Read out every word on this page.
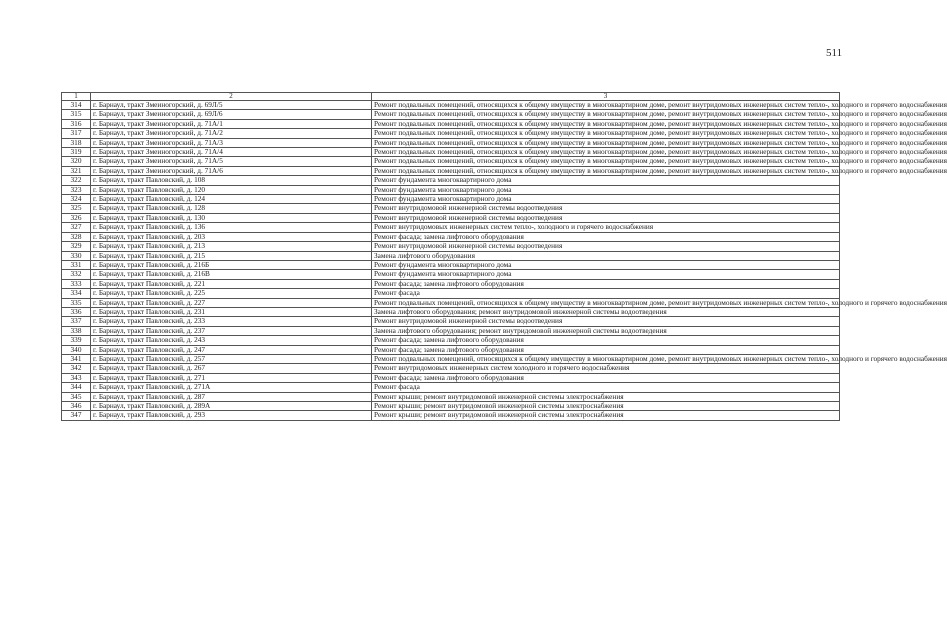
511
1	2	3
314	г. Барнаул, тракт Змеиногорский, д. 69Л/5	Ремонт подвальных помещений, относящихся к общему имуществу в многоквартирном доме, ремонт внутридомовых инженерных систем тепло-, холодного и горячего водоснабжения
315	г. Барнаул, тракт Змеиногорский, д. 69Л/6	Ремонт подвальных помещений, относящихся к общему имуществу в многоквартирном доме, ремонт внутридомовых инженерных систем тепло-, холодного и горячего водоснабжения
316	г. Барнаул, тракт Змеиногорский, д. 71А/1	Ремонт подвальных помещений, относящихся к общему имуществу в многоквартирном доме, ремонт внутридомовых инженерных систем тепло-, холодного и горячего водоснабжения
317	г. Барнаул, тракт Змеиногорский, д. 71А/2	Ремонт подвальных помещений, относящихся к общему имуществу в многоквартирном доме, ремонт внутридомовых инженерных систем тепло-, холодного и горячего водоснабжения
318	г. Барнаул, тракт Змеиногорский, д. 71А/3	Ремонт подвальных помещений, относящихся к общему имуществу в многоквартирном доме, ремонт внутридомовых инженерных систем тепло-, холодного и горячего водоснабжения
319	г. Барнаул, тракт Змеиногорский, д. 71А/4	Ремонт подвальных помещений, относящихся к общему имуществу в многоквартирном доме, ремонт внутридомовых инженерных систем тепло-, холодного и горячего водоснабжения
320	г. Барнаул, тракт Змеиногорский, д. 71А/5	Ремонт подвальных помещений, относящихся к общему имуществу в многоквартирном доме, ремонт внутридомовых инженерных систем тепло-, холодного и горячего водоснабжения
321	г. Барнаул, тракт Змеиногорский, д. 71А/6	Ремонт подвальных помещений, относящихся к общему имуществу в многоквартирном доме, ремонт внутридомовых инженерных систем тепло-, холодного и горячего водоснабжения
322	г. Барнаул, тракт Павловский, д. 108	Ремонт фундамента многоквартирного дома
323	г. Барнаул, тракт Павловский, д. 120	Ремонт фундамента многоквартирного дома
324	г. Барнаул, тракт Павловский, д. 124	Ремонт фундамента многоквартирного дома
325	г. Барнаул, тракт Павловский, д. 128	Ремонт внутридомовой инженерной системы водоотведения
326	г. Барнаул, тракт Павловский, д. 130	Ремонт внутридомовой инженерной системы водоотведения
327	г. Барнаул, тракт Павловский, д. 136	Ремонт внутридомовых инженерных систем тепло-, холодного и горячего водоснабжения
328	г. Барнаул, тракт Павловский, д. 203	Ремонт фасада; замена лифтового оборудования
329	г. Барнаул, тракт Павловский, д. 213	Ремонт внутридомовой инженерной системы водоотведения
330	г. Барнаул, тракт Павловский, д. 215	Замена лифтового оборудования
331	г. Барнаул, тракт Павловский, д. 216Б	Ремонт фундамента многоквартирного дома
332	г. Барнаул, тракт Павловский, д. 216В	Ремонт фундамента многоквартирного дома
333	г. Барнаул, тракт Павловский, д. 221	Ремонт фасада; замена лифтового оборудования
334	г. Барнаул, тракт Павловский, д. 225	Ремонт фасада
335	г. Барнаул, тракт Павловский, д. 227	Ремонт подвальных помещений, относящихся к общему имуществу в многоквартирном доме, ремонт внутридомовых инженерных систем тепло-, холодного и горячего водоснабжения
336	г. Барнаул, тракт Павловский, д. 231	Замена лифтового оборудования; ремонт внутридомовой инженерной системы водоотведения
337	г. Барнаул, тракт Павловский, д. 233	Ремонт внутридомовой инженерной системы водоотведения
338	г. Барнаул, тракт Павловский, д. 237	Замена лифтового оборудования; ремонт внутридомовой инженерной системы водоотведения
339	г. Барнаул, тракт Павловский, д. 243	Ремонт фасада; замена лифтового оборудования
340	г. Барнаул, тракт Павловский, д. 247	Ремонт фасада; замена лифтового оборудования
341	г. Барнаул, тракт Павловский, д. 257	Ремонт подвальных помещений, относящихся к общему имуществу в многоквартирном доме, ремонт внутридомовых инженерных систем тепло-, холодного и горячего водоснабжения
342	г. Барнаул, тракт Павловский, д. 267	Ремонт внутридомовых инженерных систем холодного и горячего водоснабжения
343	г. Барнаул, тракт Павловский, д. 271	Ремонт фасада; замена лифтового оборудования
344	г. Барнаул, тракт Павловский, д. 271А	Ремонт фасада
345	г. Барнаул, тракт Павловский, д. 287	Ремонт крыши; ремонт внутридомовой инженерной системы электроснабжения
346	г. Барнаул, тракт Павловский, д. 289А	Ремонт крыши; ремонт внутридомовой инженерной системы электроснабжения
347	г. Барнаул, тракт Павловский, д. 293	Ремонт крыши; ремонт внутридомовой инженерной системы электроснабжения
